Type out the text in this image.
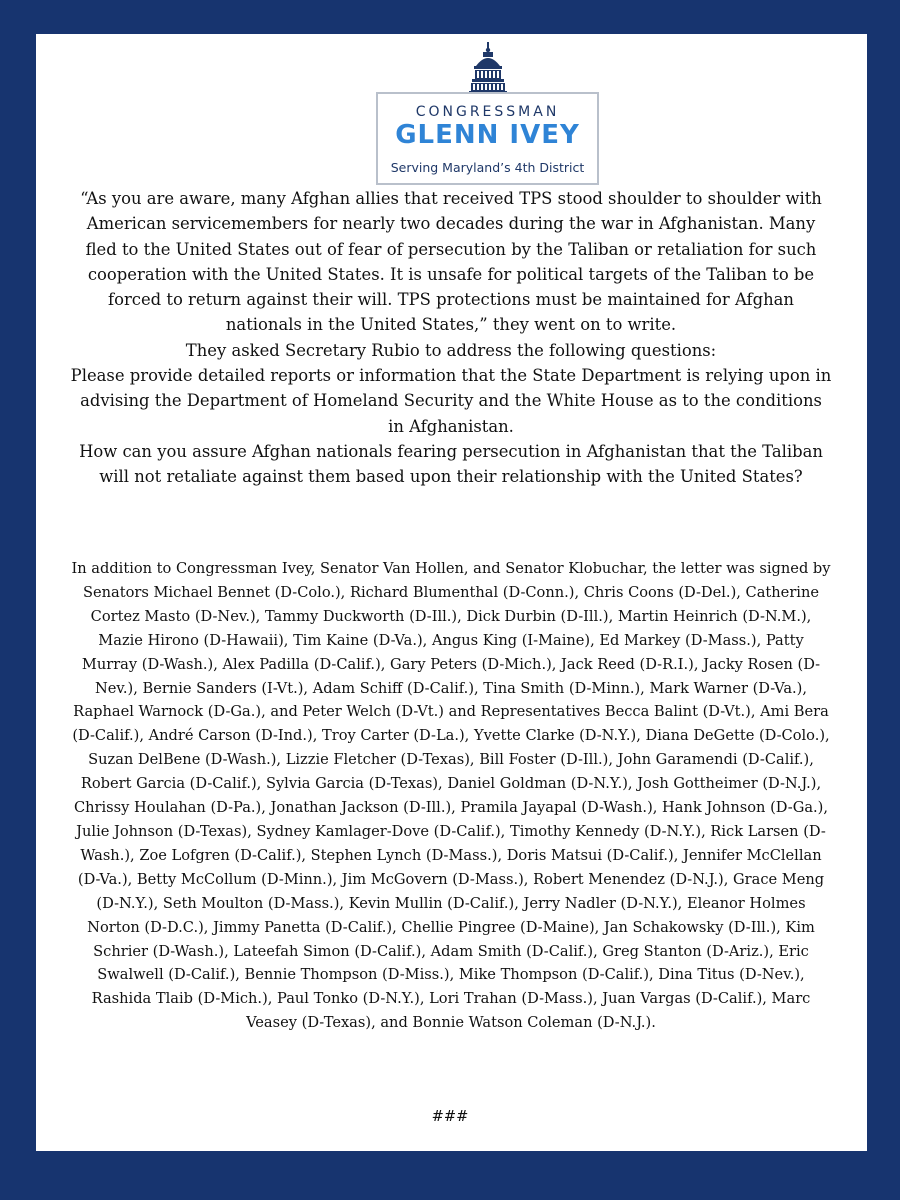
CONGRESSMAN
GLENN IVEY
Serving Maryland’s 4th District

“As you are aware, many Afghan allies that received TPS stood shoulder to shoulder with American servicemembers for nearly two decades during the war in Afghanistan. Many fled to the United States out of fear of persecution by the Taliban or retaliation for such cooperation with the United States. It is unsafe for political targets of the Taliban to be forced to return against their will. TPS protections must be maintained for Afghan nationals in the United States,” they went on to write.

They asked Secretary Rubio to address the following questions:

Please provide detailed reports or information that the State Department is relying upon in advising the Department of Homeland Security and the White House as to the conditions in Afghanistan.

How can you assure Afghan nationals fearing persecution in Afghanistan that the Taliban will not retaliate against them based upon their relationship with the United States?

In addition to Congressman Ivey, Senator Van Hollen, and Senator Klobuchar, the letter was signed by Senators Michael Bennet (D-Colo.), Richard Blumenthal (D-Conn.), Chris Coons (D-Del.), Catherine Cortez Masto (D-Nev.), Tammy Duckworth (D-Ill.), Dick Durbin (D-Ill.), Martin Heinrich (D-N.M.), Mazie Hirono (D-Hawaii), Tim Kaine (D-Va.), Angus King (I-Maine), Ed Markey (D-Mass.), Patty Murray (D-Wash.), Alex Padilla (D-Calif.), Gary Peters (D-Mich.), Jack Reed (D-R.I.), Jacky Rosen (D-Nev.), Bernie Sanders (I-Vt.), Adam Schiff (D-Calif.), Tina Smith (D-Minn.), Mark Warner (D-Va.), Raphael Warnock (D-Ga.), and Peter Welch (D-Vt.) and Representatives Becca Balint (D-Vt.), Ami Bera (D-Calif.), André Carson (D-Ind.), Troy Carter (D-La.), Yvette Clarke (D-N.Y.), Diana DeGette (D-Colo.), Suzan DelBene (D-Wash.), Lizzie Fletcher (D-Texas), Bill Foster (D-Ill.), John Garamendi (D-Calif.), Robert Garcia (D-Calif.), Sylvia Garcia (D-Texas), Daniel Goldman (D-N.Y.), Josh Gottheimer (D-N.J.), Chrissy Houlahan (D-Pa.), Jonathan Jackson (D-Ill.), Pramila Jayapal (D-Wash.), Hank Johnson (D-Ga.), Julie Johnson (D-Texas), Sydney Kamlager-Dove (D-Calif.), Timothy Kennedy (D-N.Y.), Rick Larsen (D-Wash.), Zoe Lofgren (D-Calif.), Stephen Lynch (D-Mass.), Doris Matsui (D-Calif.), Jennifer McClellan (D-Va.), Betty McCollum (D-Minn.), Jim McGovern (D-Mass.), Robert Menendez (D-N.J.), Grace Meng (D-N.Y.), Seth Moulton (D-Mass.), Kevin Mullin (D-Calif.), Jerry Nadler (D-N.Y.), Eleanor Holmes Norton (D-D.C.), Jimmy Panetta (D-Calif.), Chellie Pingree (D-Maine), Jan Schakowsky (D-Ill.), Kim Schrier (D-Wash.), Lateefah Simon (D-Calif.), Adam Smith (D-Calif.), Greg Stanton (D-Ariz.), Eric Swalwell (D-Calif.), Bennie Thompson (D-Miss.), Mike Thompson (D-Calif.), Dina Titus (D-Nev.), Rashida Tlaib (D-Mich.), Paul Tonko (D-N.Y.), Lori Trahan (D-Mass.), Juan Vargas (D-Calif.), Marc Veasey (D-Texas), and Bonnie Watson Coleman (D-N.J.).

###
